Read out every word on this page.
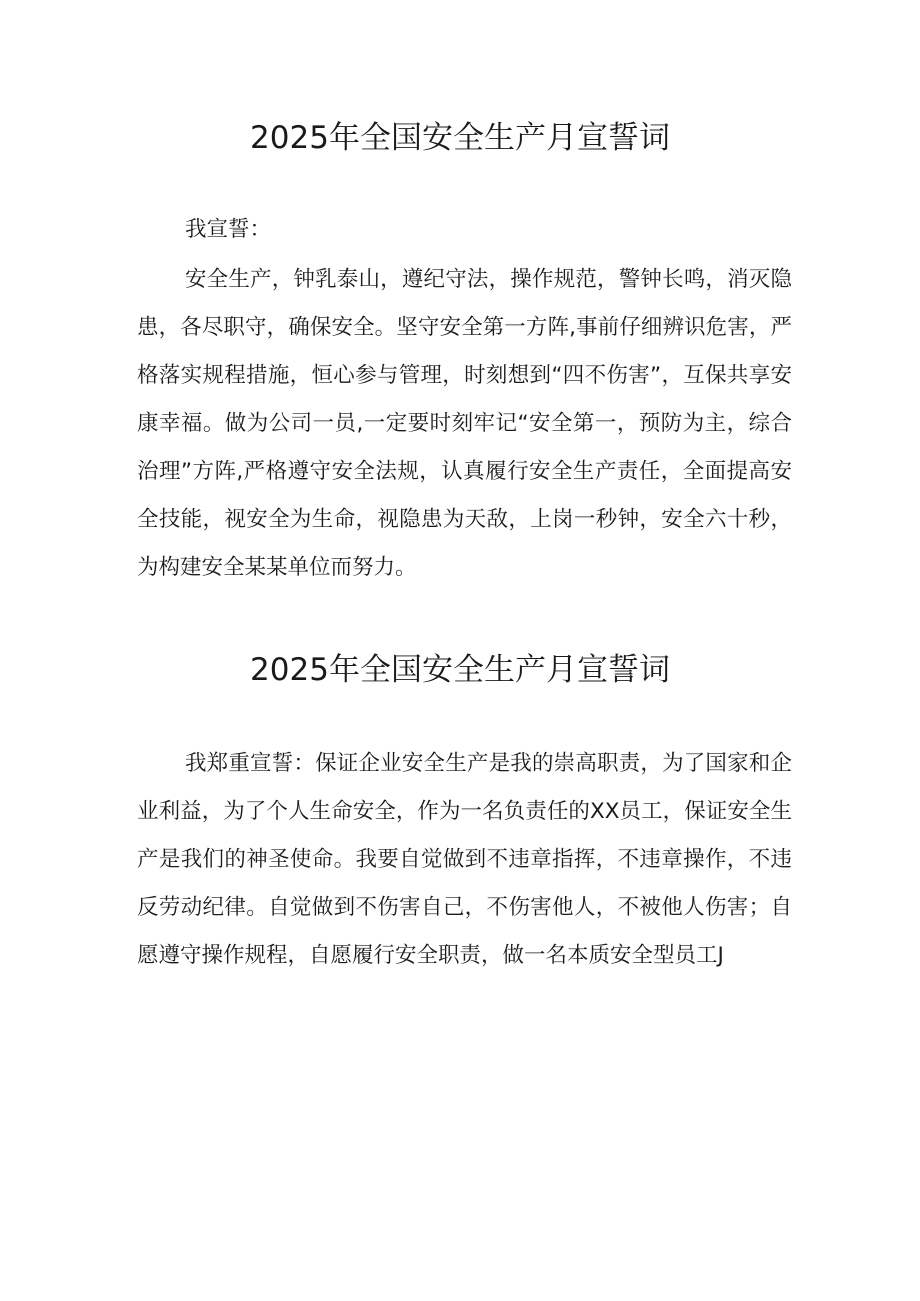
2025年全国安全生产月宣誓词

我宣誓：

安全生产，钟乳泰山，遵纪守法，操作规范，警钟长鸣，消灭隐患，各尽职守，确保安全。坚守安全第一方阵,事前仔细辨识危害，严格落实规程措施，恒心参与管理，时刻想到“四不伤害”，互保共享安康幸福。做为公司一员,一定要时刻牢记“安全第一，预防为主，综合治理”方阵,严格遵守安全法规，认真履行安全生产责任，全面提高安全技能，视安全为生命，视隐患为天敌，上岗一秒钟，安全六十秒，为构建安全某某单位而努力。

2025年全国安全生产月宣誓词

我郑重宣誓：保证企业安全生产是我的崇高职责，为了国家和企业利益，为了个人生命安全，作为一名负责任的XX员工，保证安全生产是我们的神圣使命。我要自觉做到不违章指挥，不违章操作，不违反劳动纪律。自觉做到不伤害自己，不伤害他人，不被他人伤害；自愿遵守操作规程，自愿履行安全职责，做一名本质安全型员工J
